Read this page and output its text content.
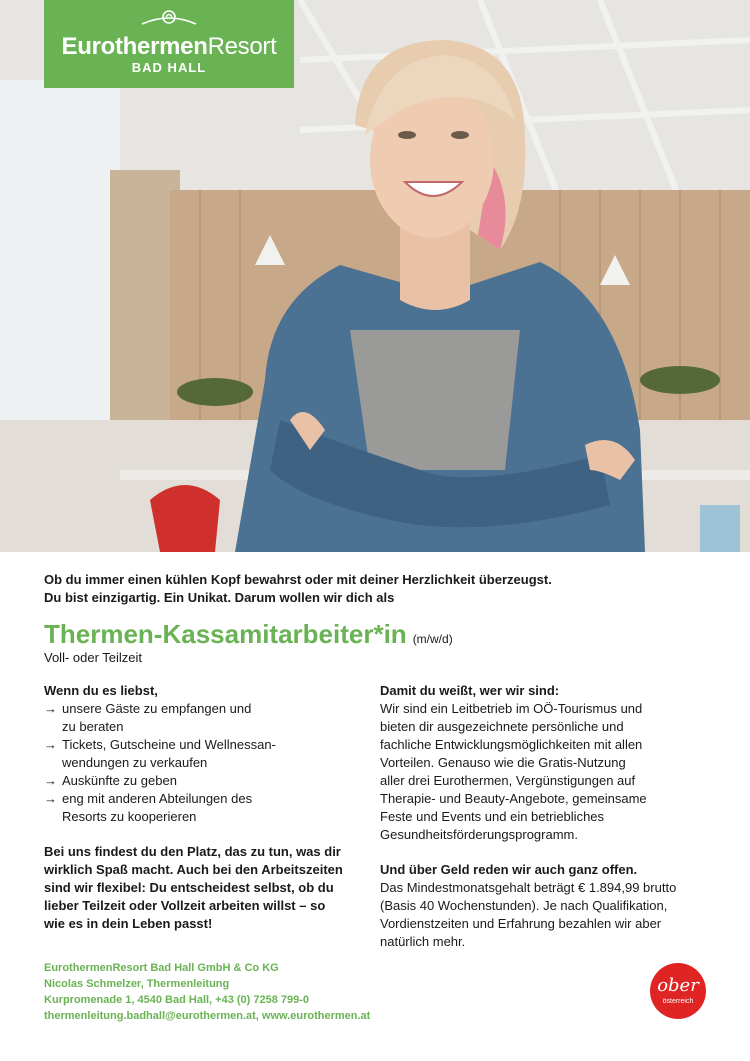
EurothermenResort
BAD HALL
Ob du immer einen kühlen Kopf bewahrst oder mit deiner Herzlichkeit überzeugst.
Du bist einzigartig. Ein Unikat. Darum wollen wir dich als
Thermen-Kassamitarbeiter*in (m/w/d)
Voll- oder Teilzeit
Wenn du es liebst,
→ unsere Gäste zu empfangen und
zu beraten
→ Tickets, Gutscheine und Wellnessan-
wendungen zu verkaufen
→ Auskünfte zu geben
→ eng mit anderen Abteilungen des
Resorts zu kooperieren
Bei uns findest du den Platz, das zu tun, was dir
wirklich Spaß macht. Auch bei den Arbeitszeiten
sind wir flexibel: Du entscheidest selbst, ob du
lieber Teilzeit oder Vollzeit arbeiten willst – so
wie es in dein Leben passt!
Damit du weißt, wer wir sind:
Wir sind ein Leitbetrieb im OÖ-Tourismus und
bieten dir ausgezeichnete persönliche und
fachliche Entwicklungsmöglichkeiten mit allen
Vorteilen. Genauso wie die Gratis-Nutzung
aller drei Eurothermen, Vergünstigungen auf
Therapie- und Beauty-Angebote, gemeinsame
Feste und Events und ein betriebliches
Gesundheitsförderungsprogramm.
Und über Geld reden wir auch ganz offen.
Das Mindestmonatsgehalt beträgt € 1.894,99 brutto
(Basis 40 Wochenstunden). Je nach Qualifikation,
Vordienstzeiten und Erfahrung bezahlen wir aber
natürlich mehr.
EurothermenResort Bad Hall GmbH & Co KG
Nicolas Schmelzer, Thermenleitung
Kurpromenade 1, 4540 Bad Hall, +43 (0) 7258 799-0
thermenleitung.badhall@eurothermen.at, www.eurothermen.at
ober
österreich
